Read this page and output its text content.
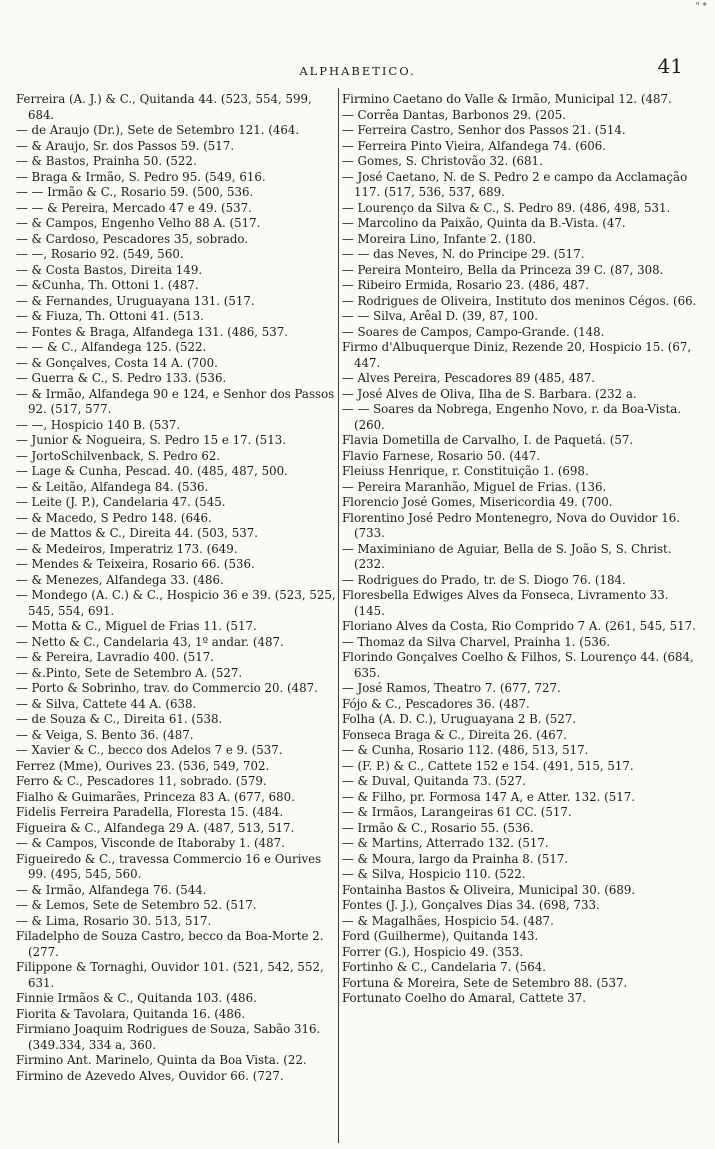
" *
ALPHABETICO.	41
Ferreira (A. J.) & C., Quitanda 44. (523, 554, 599, 684.
— de Araujo (Dr.), Sete de Setembro 121. (464.
— & Araujo, Sr. dos Passos 59. (517.
— & Bastos, Prainha 50. (522.
— Braga & Irmão, S. Pedro 95. (549, 616.
— — Irmão & C., Rosario 59. (500, 536.
— — & Pereira, Mercado 47 e 49. (537.
— & Campos, Engenho Velho 88 A. (517.
— & Cardoso, Pescadores 35, sobrado.
— —, Rosario 92. (549, 560.
— & Costa Bastos, Direita 149.
— &Cunha, Th. Ottoni 1. (487.
— & Fernandes, Uruguayana 131. (517.
— & Fiuza, Th. Ottoni 41. (513.
— Fontes & Braga, Alfandega 131. (486, 537.
— — & C., Alfandega 125. (522.
— & Gonçalves, Costa 14 A. (700.
— Guerra & C., S. Pedro 133. (536.
— & Irmão, Alfandega 90 e 124, e Senhor dos Passos 92. (517, 577.
— —, Hospicio 140 B. (537.
— Junior & Nogueira, S. Pedro 15 e 17. (513.
— JortoSchilvenback, S. Pedro 62.
— Lage & Cunha, Pescad. 40. (485, 487, 500.
— & Leitão, Alfandega 84. (536.
— Leite (J. P.), Candelaria 47. (545.
— & Macedo, S Pedro 148. (646.
— de Mattos & C., Direita 44. (503, 537.
— & Medeiros, Imperatriz 173. (649.
— Mendes & Teixeira, Rosario 66. (536.
— & Menezes, Alfandega 33. (486.
— Mondego (A. C.) & C., Hospicio 36 e 39. (523, 525, 545, 554, 691.
— Motta & C., Miguel de Frias 11. (517.
— Netto & C., Candelaria 43, 1º andar. (487.
— & Pereira, Lavradio 400. (517.
— &.Pinto, Sete de Setembro A. (527.
— Porto & Sobrinho, trav. do Commercio 20. (487.
— & Silva, Cattete 44 A. (638.
— de Souza & C., Direita 61. (538.
— & Veiga, S. Bento 36. (487.
— Xavier & C., becco dos Adelos 7 e 9. (537.
Ferrez (Mme), Ourives 23. (536, 549, 702.
Ferro & C., Pescadores 11, sobrado. (579.
Fialho & Guimarães, Princeza 83 A. (677, 680.
Fidelis Ferreira Paradella, Floresta 15. (484.
Figueira & C., Alfandega 29 A. (487, 513, 517.
— & Campos, Visconde de Itaboraby 1. (487.
Figueiredo & C., travessa Commercio 16 e Ourives 99. (495, 545, 560.
— & Irmão, Alfandega 76. (544.
— & Lemos, Sete de Setembro 52. (517.
— & Lima, Rosario 30. 513, 517.
Filadelpho de Souza Castro, becco da Boa-Morte 2. (277.
Filippone & Tornaghi, Ouvidor 101. (521, 542, 552, 631.
Finnie Irmãos & C., Quitanda 103. (486.
Fiorita & Tavolara, Quitanda 16. (486.
Firmiano Joaquim Rodrigues de Souza, Sabão 316. (349.334, 334 a, 360.
Firmino Ant. Marinelo, Quinta da Boa Vista. (22.
Firmino de Azevedo Alves, Ouvidor 66. (727.
Firmino Caetano do Valle & Irmão, Municipal 12. (487.
— Corrêa Dantas, Barbonos 29. (205.
— Ferreira Castro, Senhor dos Passos 21. (514.
— Ferreira Pinto Vieira, Alfandega 74. (606.
— Gomes, S. Christovão 32. (681.
— José Caetano, N. de S. Pedro 2 e campo da Acclamação 117. (517, 536, 537, 689.
— Lourenço da Silva & C., S. Pedro 89. (486, 498, 531.
— Marcolino da Paixão, Quinta da B.-Vista. (47.
— Moreira Lino, Infante 2. (180.
— — das Neves, N. do Principe 29. (517.
— Pereira Monteiro, Bella da Princeza 39 C. (87, 308.
— Ribeiro Ermida, Rosario 23. (486, 487.
— Rodrigues de Oliveira, Instituto dos meninos Cégos. (66.
— — Silva, Arêal D. (39, 87, 100.
— Soares de Campos, Campo-Grande. (148.
Firmo d'Albuquerque Diniz, Rezende 20, Hospicio 15. (67, 447.
— Alves Pereira, Pescadores 89 (485, 487.
— José Alves de Oliva, Ilha de S. Barbara. (232 a.
— — Soares da Nobrega, Engenho Novo, r. da Boa-Vista. (260.
Flavia Dometilla de Carvalho, I. de Paquetá. (57.
Flavio Farnese, Rosario 50. (447.
Fleiuss Henrique, r. Constituição 1. (698.
— Pereira Maranhão, Miguel de Frias. (136.
Florencio José Gomes, Misericordia 49. (700.
Florentino José Pedro Montenegro, Nova do Ouvidor 16. (733.
— Maximiniano de Aguiar, Bella de S. João S, S. Christ. (232.
— Rodrigues do Prado, tr. de S. Diogo 76. (184.
Floresbella Edwiges Alves da Fonseca, Livramento 33. (145.
Floriano Alves da Costa, Rio Comprido 7 A. (261, 545, 517.
— Thomaz da Silva Charvel, Prainha 1. (536.
Florindo Gonçalves Coelho & Filhos, S. Lourenço 44. (684, 635.
— José Ramos, Theatro 7. (677, 727.
Fójo & C., Pescadores 36. (487.
Folha (A. D. C.), Uruguayana 2 B. (527.
Fonseca Braga & C., Direita 26. (467.
— & Cunha, Rosario 112. (486, 513, 517.
— (F. P.) & C., Cattete 152 e 154. (491, 515, 517.
— & Duval, Quitanda 73. (527.
— & Filho, pr. Formosa 147 A, e Atter. 132. (517.
— & Irmãos, Larangeiras 61 CC. (517.
— Irmão & C., Rosario 55. (536.
— & Martins, Atterrado 132. (517.
— & Moura, largo da Prainha 8. (517.
— & Silva, Hospicio 110. (522.
Fontainha Bastos & Oliveira, Municipal 30. (689.
Fontes (J. J.), Gonçalves Dias 34. (698, 733.
— & Magalhães, Hospicio 54. (487.
Ford (Guilherme), Quitanda 143.
Forrer (G.), Hospicio 49. (353.
Fortinho & C., Candelaria 7. (564.
Fortuna & Moreira, Sete de Setembro 88. (537.
Fortunato Coelho do Amaral, Cattete 37.
